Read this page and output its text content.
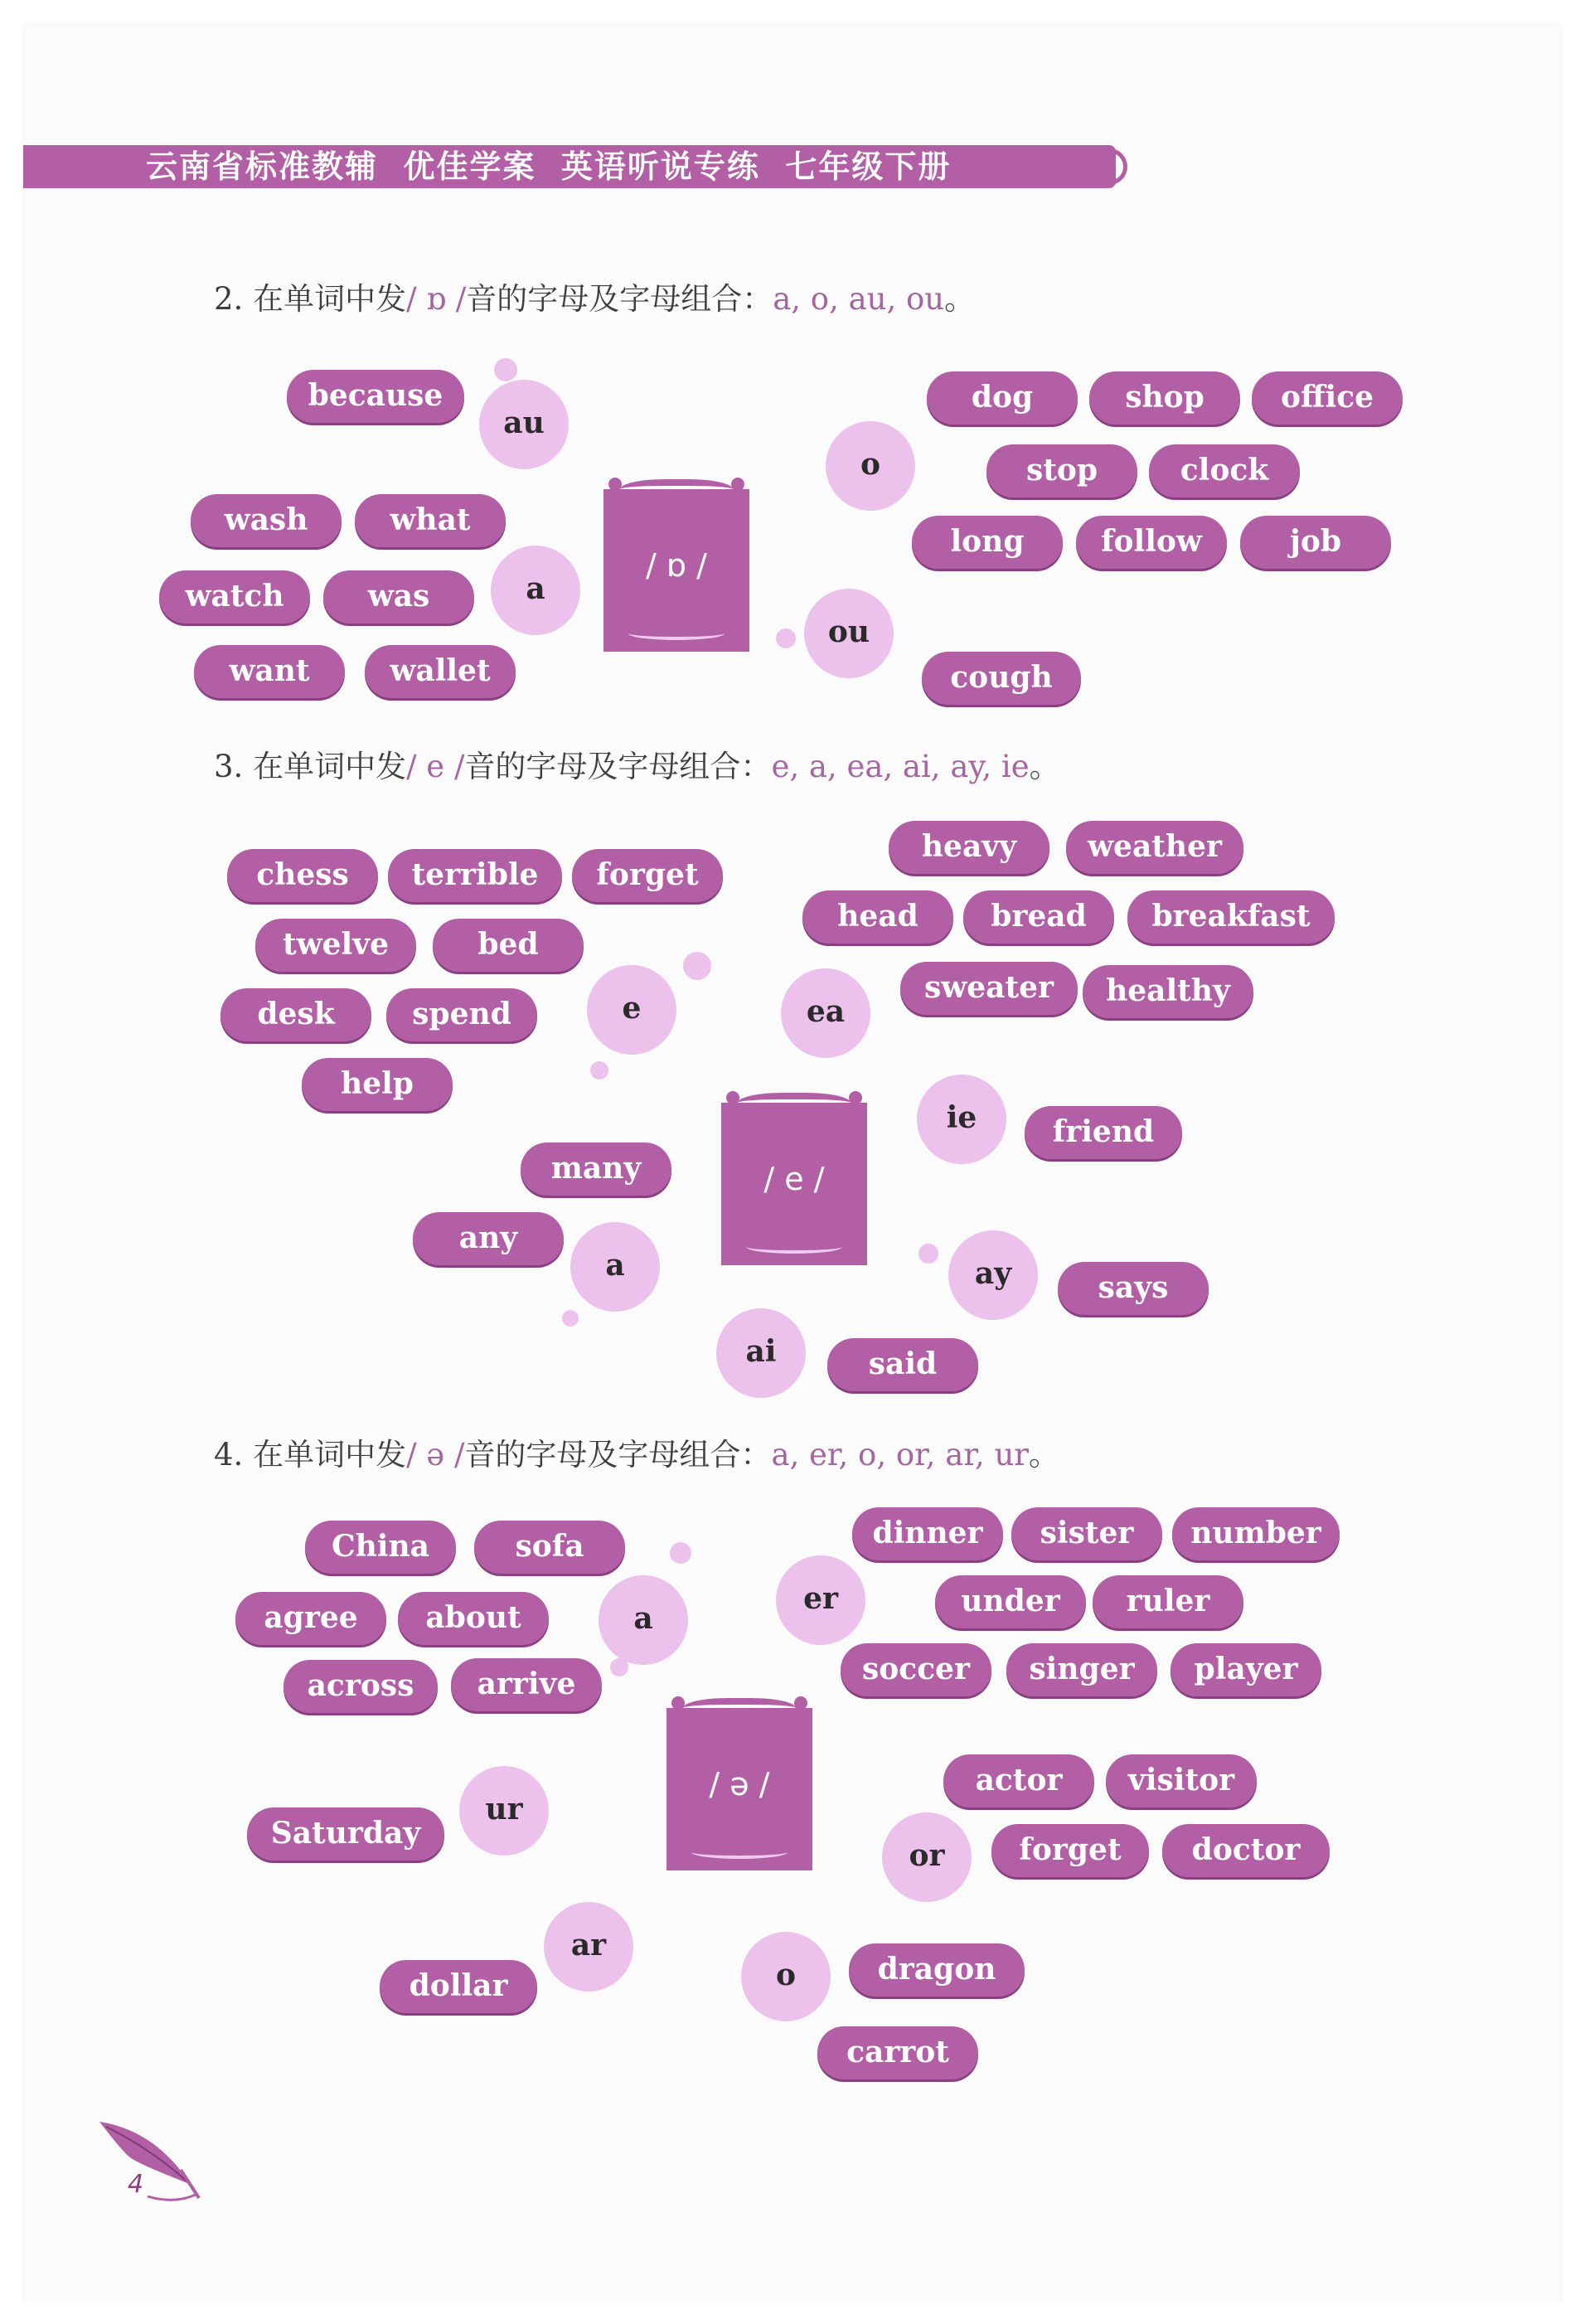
云南省标准教辅  优佳学案  英语听说专练  七年级下册
2. 在单词中发/ ɒ /音的字母及字母组合：a, o, au, ou。
/ ɒ /
au
a
o
ou
because
wash	what
watch	was
want	wallet
dog	shop	office
stop	clock
long	follow	job
cough
3. 在单词中发/ e /音的字母及字母组合：e, a, ea, ai, ay, ie。
/ e /
e	ea
ie
a	ay
ai
chess	terrible	forget
twelve	bed
desk	spend
help
heavy	weather
head	bread	breakfast
sweater	healthy
friend
many
any
says
said
4. 在单词中发/ ə /音的字母及字母组合：a, er, o, or, ar, ur。
/ ə /
a
er
ur
or
ar
o
China	sofa
agree	about
across	arrive
dinner	sister	number
under	ruler
soccer	singer	player
Saturday
actor	visitor
forget	doctor
dollar	dragon
carrot
4
